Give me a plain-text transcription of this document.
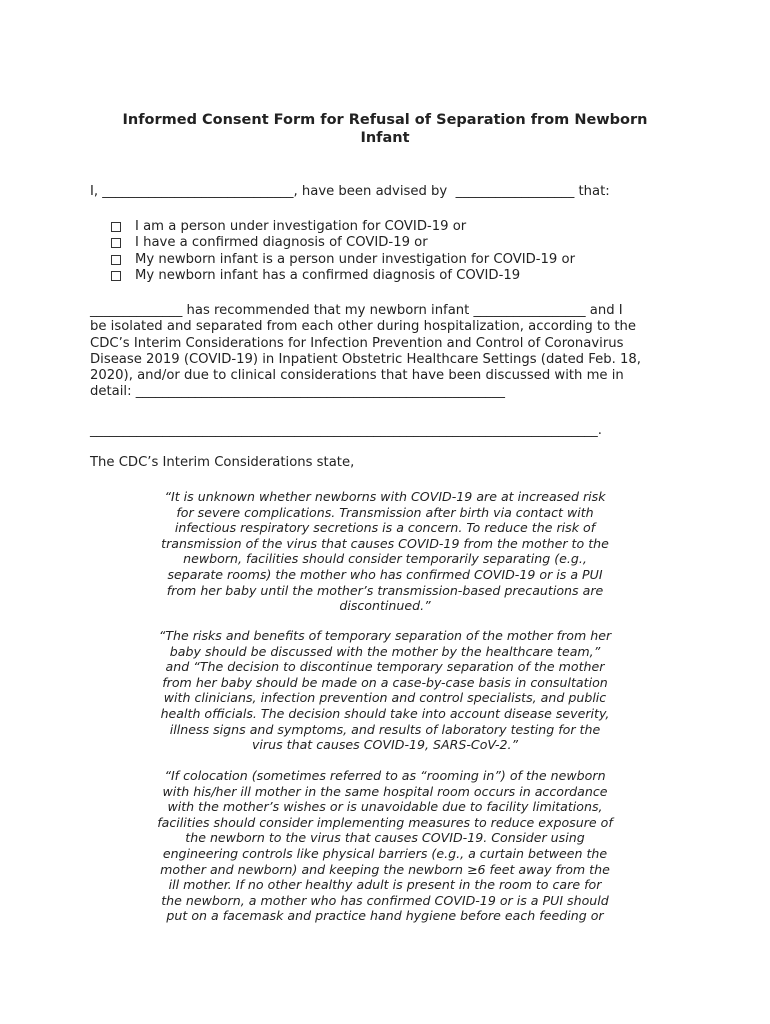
Informed Consent Form for Refusal of Separation from Newborn Infant
I, _____________________________, have been advised by  __________________ that:
I am a person under investigation for COVID-19 or
I have a confirmed diagnosis of COVID-19 or
My newborn infant is a person under investigation for COVID-19 or
My newborn infant has a confirmed diagnosis of COVID-19
______________ has recommended that my newborn infant _________________ and I
be isolated and separated from each other during hospitalization, according to the
CDC’s Interim Considerations for Infection Prevention and Control of Coronavirus
Disease 2019 (COVID-19) in Inpatient Obstetric Healthcare Settings (dated Feb. 18,
2020), and/or due to clinical considerations that have been discussed with me in
detail: ________________________________________________________
_____________________________________________________________________________.
The CDC’s Interim Considerations state,
“It is unknown whether newborns with COVID-19 are at increased risk
for severe complications. Transmission after birth via contact with
infectious respiratory secretions is a concern. To reduce the risk of
transmission of the virus that causes COVID-19 from the mother to the
newborn, facilities should consider temporarily separating (e.g.,
separate rooms) the mother who has confirmed COVID-19 or is a PUI
from her baby until the mother’s transmission-based precautions are
discontinued.”
“The risks and benefits of temporary separation of the mother from her
baby should be discussed with the mother by the healthcare team,”
and “The decision to discontinue temporary separation of the mother
from her baby should be made on a case-by-case basis in consultation
with clinicians, infection prevention and control specialists, and public
health officials. The decision should take into account disease severity,
illness signs and symptoms, and results of laboratory testing for the
virus that causes COVID-19, SARS-CoV-2.”
“If colocation (sometimes referred to as “rooming in”) of the newborn
with his/her ill mother in the same hospital room occurs in accordance
with the mother’s wishes or is unavoidable due to facility limitations,
facilities should consider implementing measures to reduce exposure of
the newborn to the virus that causes COVID-19. Consider using
engineering controls like physical barriers (e.g., a curtain between the
mother and newborn) and keeping the newborn ≥6 feet away from the
ill mother. If no other healthy adult is present in the room to care for
the newborn, a mother who has confirmed COVID-19 or is a PUI should
put on a facemask and practice hand hygiene before each feeding or
